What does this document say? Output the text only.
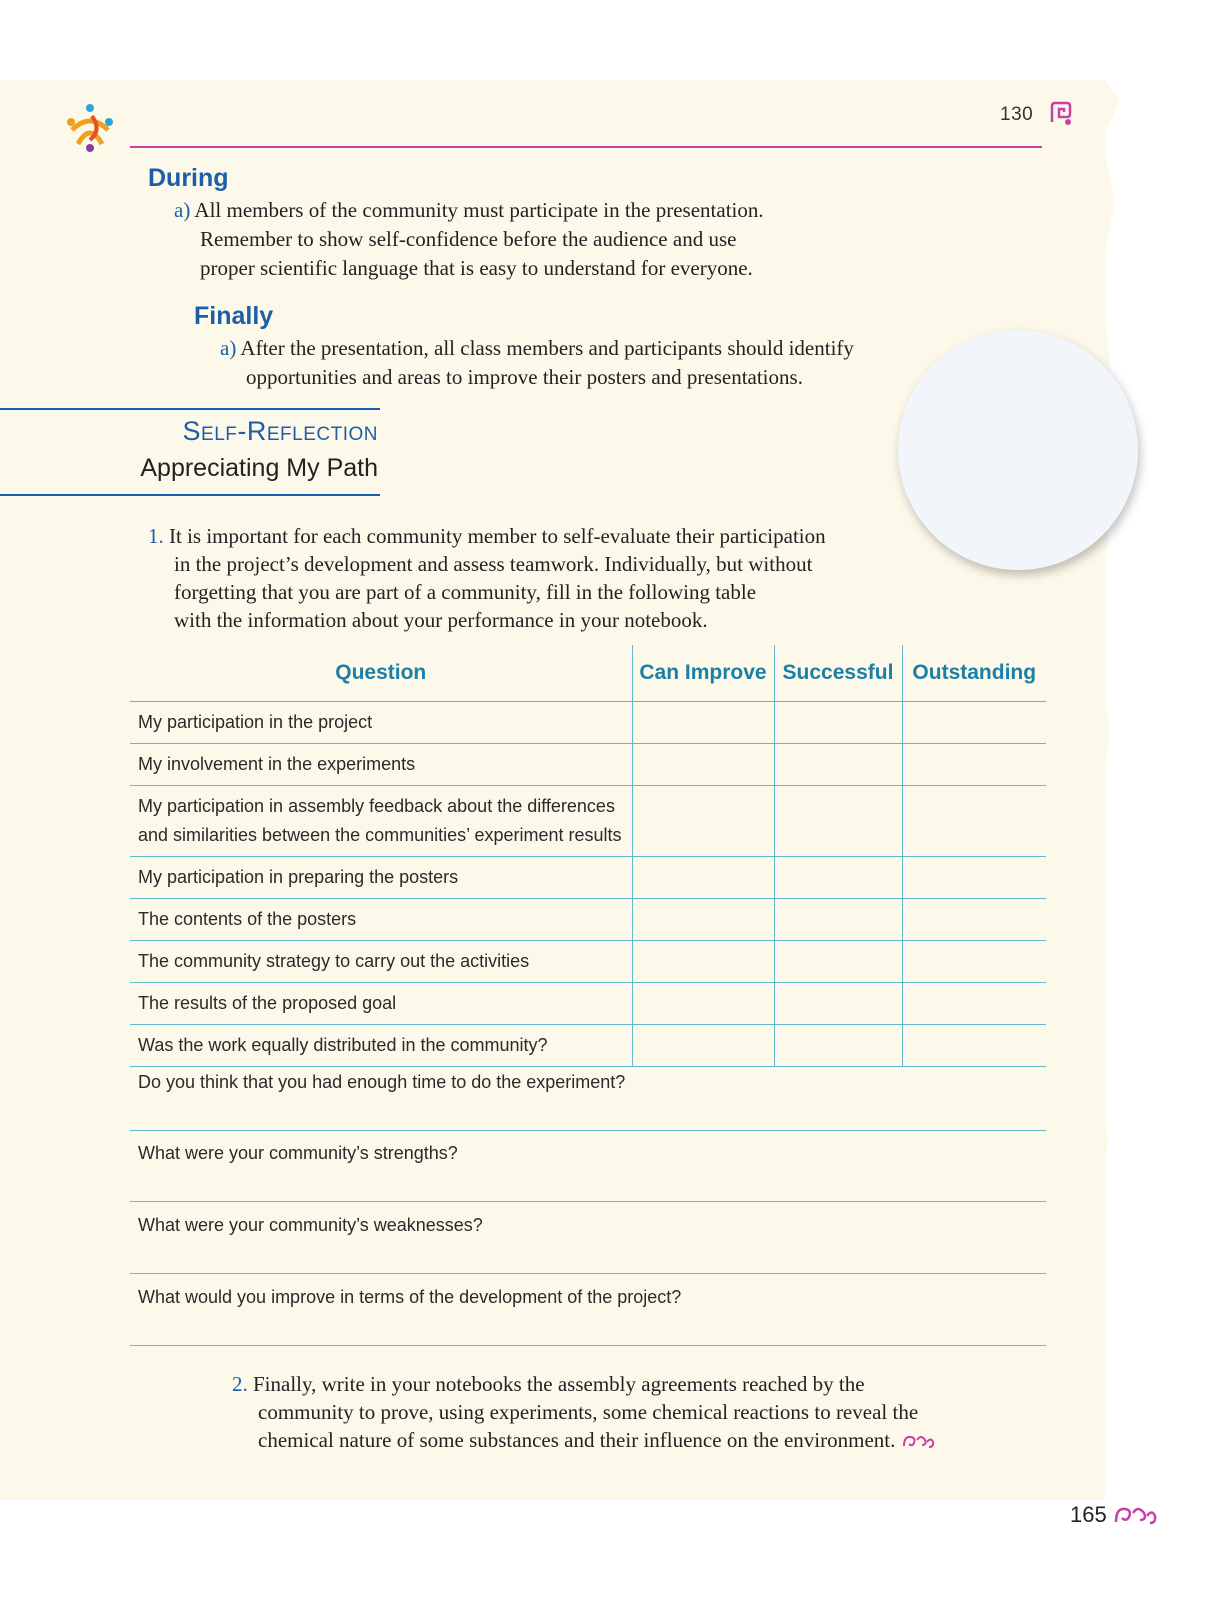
130
During
a) All members of the community must participate in the presentation.
Remember to show self-confidence before the audience and use
proper scientific language that is easy to understand for everyone.
Finally
a) After the presentation, all class members and participants should identify
opportunities and areas to improve their posters and presentations.
Self-Reflection
Appreciating My Path
1. It is important for each community member to self-evaluate their participation
in the project’s development and assess teamwork. Individually, but without
forgetting that you are part of a community, fill in the following table
with the information about your performance in your notebook.
Question	Can Improve	Successful	Outstanding
My participation in the project			
My involvement in the experiments			
My participation in assembly feedback about the differences
and similarities between the communities’ experiment results			
My participation in preparing the posters			
The contents of the posters			
The community strategy to carry out the activities			
The results of the proposed goal			
Was the work equally distributed in the community?			
Do you think that you had enough time to do the experiment?
What were your community’s strengths?
What were your community’s weaknesses?
What would you improve in terms of the development of the project?
2. Finally, write in your notebooks the assembly agreements reached by the
community to prove, using experiments, some chemical reactions to reveal the
chemical nature of some substances and their influence on the environment.
165
